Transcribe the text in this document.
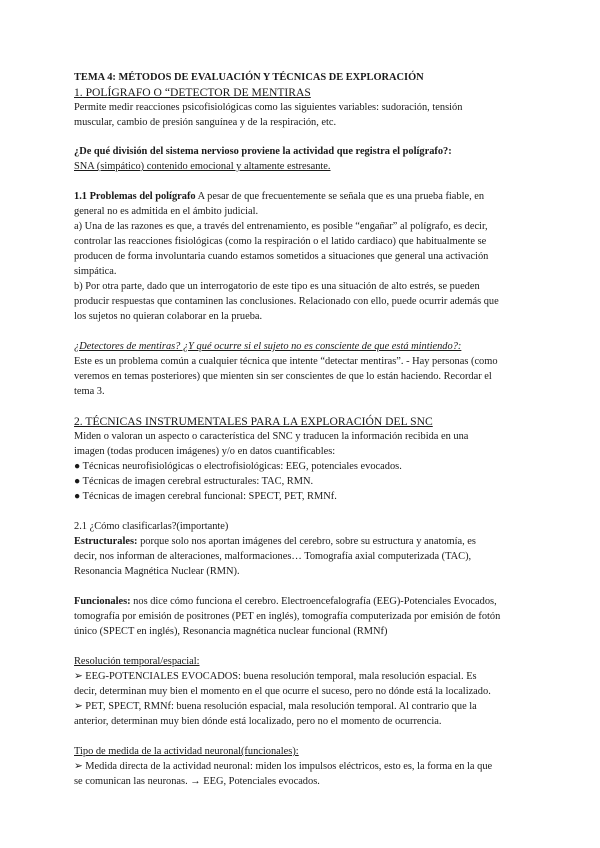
TEMA 4: MÉTODOS DE EVALUACIÓN Y TÉCNICAS DE EXPLORACIÓN

1. POLÍGRAFO O “DETECTOR DE MENTIRAS

Permite medir reacciones psicofisiológicas como las siguientes variables: sudoración, tensión

muscular, cambio de presión sanguínea y de la respiración, etc.

¿De qué división del sistema nervioso proviene la actividad que registra el polígrafo?:

SNA (simpático) contenido emocional y altamente estresante.

1.1 Problemas del polígrafo A pesar de que frecuentemente se señala que es una prueba fiable, en

general no es admitida en el ámbito judicial.

a) Una de las razones es que, a través del entrenamiento, es posible “engañar” al polígrafo, es decir,

controlar las reacciones fisiológicas (como la respiración o el latido cardiaco) que habitualmente se

producen de forma involuntaria cuando estamos sometidos a situaciones que general una activación

simpática.

b) Por otra parte, dado que un interrogatorio de este tipo es una situación de alto estrés, se pueden

producir respuestas que contaminen las conclusiones. Relacionado con ello, puede ocurrir además que

los sujetos no quieran colaborar en la prueba.

¿Detectores de mentiras? ¿Y qué ocurre si el sujeto no es consciente de que está mintiendo?:

Este es un problema común a cualquier técnica que intente “detectar mentiras”. - Hay personas (como

veremos en temas posteriores) que mienten sin ser conscientes de que lo están haciendo. Recordar el

tema 3.

2. TÉCNICAS INSTRUMENTALES PARA LA EXPLORACIÓN DEL SNC

Miden o valoran un aspecto o característica del SNC y traducen la información recibida en una

imagen (todas producen imágenes) y/o en datos cuantificables:

● Técnicas neurofisiológicas o electrofisiológicas: EEG, potenciales evocados.

● Técnicas de imagen cerebral estructurales: TAC, RMN.

● Técnicas de imagen cerebral funcional: SPECT, PET, RMNf.

2.1 ¿Cómo clasificarlas?(importante)

Estructurales: porque solo nos aportan imágenes del cerebro, sobre su estructura y anatomía, es

decir, nos informan de alteraciones, malformaciones… Tomografía axial computerizada (TAC),

Resonancia Magnética Nuclear (RMN).

Funcionales: nos dice cómo funciona el cerebro. Electroencefalografía (EEG)-Potenciales Evocados,

tomografía por emisión de positrones (PET en inglés), tomografía computerizada por emisión de fotón

único (SPECT en inglés), Resonancia magnética nuclear funcional (RMNf)

Resolución temporal/espacial:

➢ EEG-POTENCIALES EVOCADOS: buena resolución temporal, mala resolución espacial. Es

decir, determinan muy bien el momento en el que ocurre el suceso, pero no dónde está la localizado.

➢ PET, SPECT, RMNf: buena resolución espacial, mala resolución temporal. Al contrario que la

anterior, determinan muy bien dónde está localizado, pero no el momento de ocurrencia.

Tipo de medida de la actividad neuronal(funcionales):

➢ Medida directa de la actividad neuronal: miden los impulsos eléctricos, esto es, la forma en la que

se comunican las neuronas. → EEG, Potenciales evocados.
